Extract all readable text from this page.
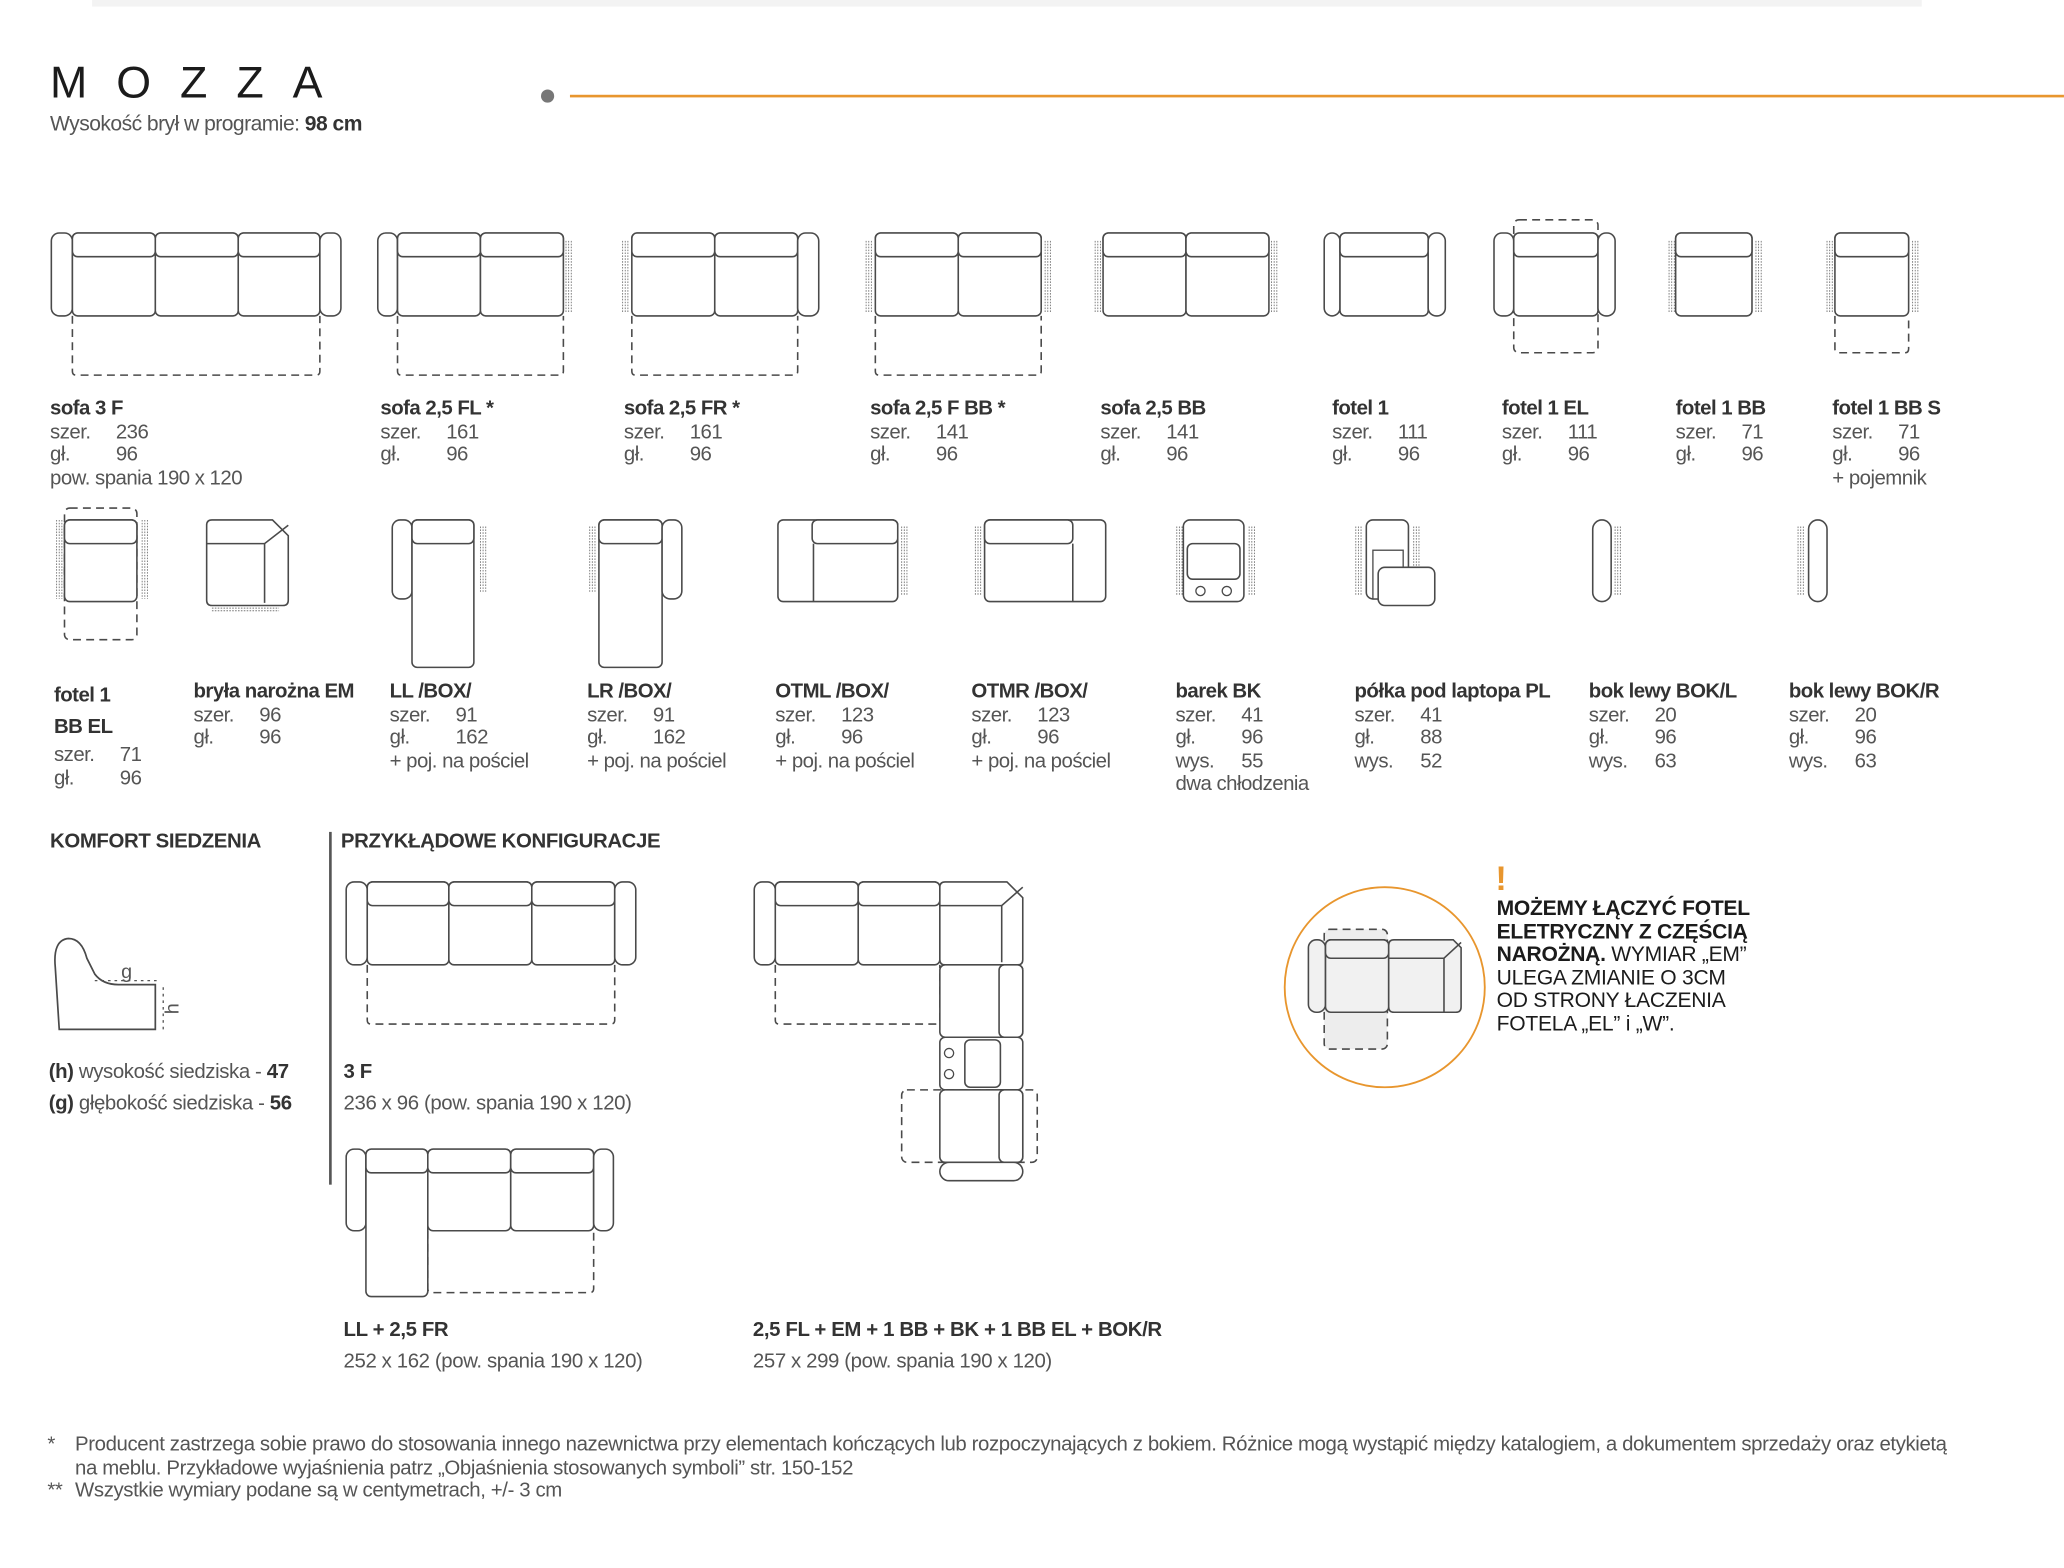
MOZZA
Wysokość brył w programie: 98 cm
sofa 3 F
szer.	236
gł.	96
pow. spania 190 x 120
sofa 2,5 FL *
szer.	161
gł.	96
sofa 2,5 FR *
szer.	161
gł.	96
sofa 2,5 F BB *
szer.	141
gł.	96
sofa 2,5 BB
szer.	141
gł.	96
fotel 1
szer.	111
gł.	96
fotel 1 EL
szer.	111
gł.	96
fotel 1 BB
szer.	71
gł.	96
fotel 1 BB S
szer.	71
gł.	96
+ pojemnik
fotel 1
BB EL
szer.	71
gł.	96
bryła narożna EM
szer.	96
gł.	96
LL /BOX/
szer.	91
gł.	162
+ poj. na pościel
LR /BOX/
szer.	91
gł.	162
+ poj. na pościel
OTML /BOX/
szer.	123
gł.	96
+ poj. na pościel
OTMR /BOX/
szer.	123
gł.	96
+ poj. na pościel
barek BK
szer.	41
gł.	96
wys.	55
dwa chłodzenia
półka pod laptopa PL
szer.	41
gł.	88
wys.	52
bok lewy BOK/L
szer.	20
gł.	96
wys.	63
bok lewy BOK/R
szer.	20
gł.	96
wys.	63
KOMFORT SIEDZENIA
g
h
(h) wysokość siedziska - 47
(g) głębokość siedziska - 56
PRZYKŁĄDOWE KONFIGURACJE
3 F
236 x 96 (pow. spania 190 x 120)
LL + 2,5 FR
252 x 162 (pow. spania 190 x 120)
2,5 FL + EM + 1 BB + BK + 1 BB EL + BOK/R
257 x 299 (pow. spania 190 x 120)
!
MOŻEMY ŁĄCZYĆ FOTEL ELETRYCZNY Z CZĘŚCIĄ NAROŻNĄ. WYMIAR „EM” ULEGA ZMIANIE O 3CM OD STRONY ŁACZENIA FOTELA „EL” i „W”.
*	Producent zastrzega sobie prawo do stosowania innego nazewnictwa przy elementach kończących lub rozpoczynających z bokiem. Różnice mogą wystąpić między katalogiem, a dokumentem sprzedaży oraz etykietą na meblu. Przykładowe wyjaśnienia patrz „Objaśnienia stosowanych symboli” str. 150-152
** Wszystkie wymiary podane są w centymetrach, +/- 3 cm
